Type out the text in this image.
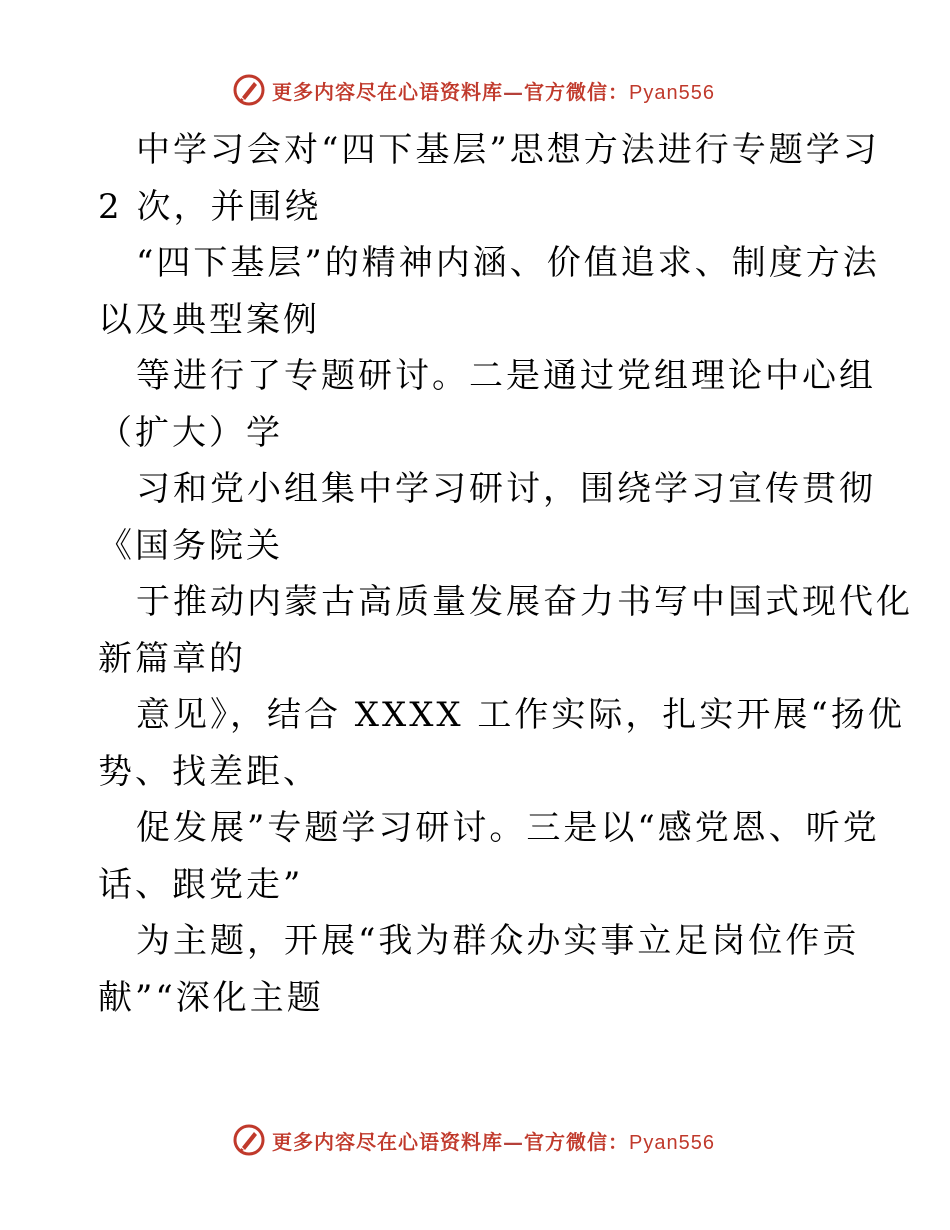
更多内容尽在心语资料库—官方微信：Pyan556
中学习会对“四下基层”思想方法进行专题学习
2 次，并围绕
“四下基层”的精神内涵、价值追求、制度方法
以及典型案例
等进行了专题研讨。二是通过党组理论中心组
（扩大）学
习和党小组集中学习研讨，围绕学习宣传贯彻
《国务院关
于推动内蒙古高质量发展奋力书写中国式现代化
新篇章的
意见》，结合 XXXX 工作实际，扎实开展“扬优
势、找差距、
促发展”专题学习研讨。三是以“感党恩、听党
话、跟党走”
为主题，开展“我为群众办实事立足岗位作贡
献”“深化主题
更多内容尽在心语资料库—官方微信：Pyan556
